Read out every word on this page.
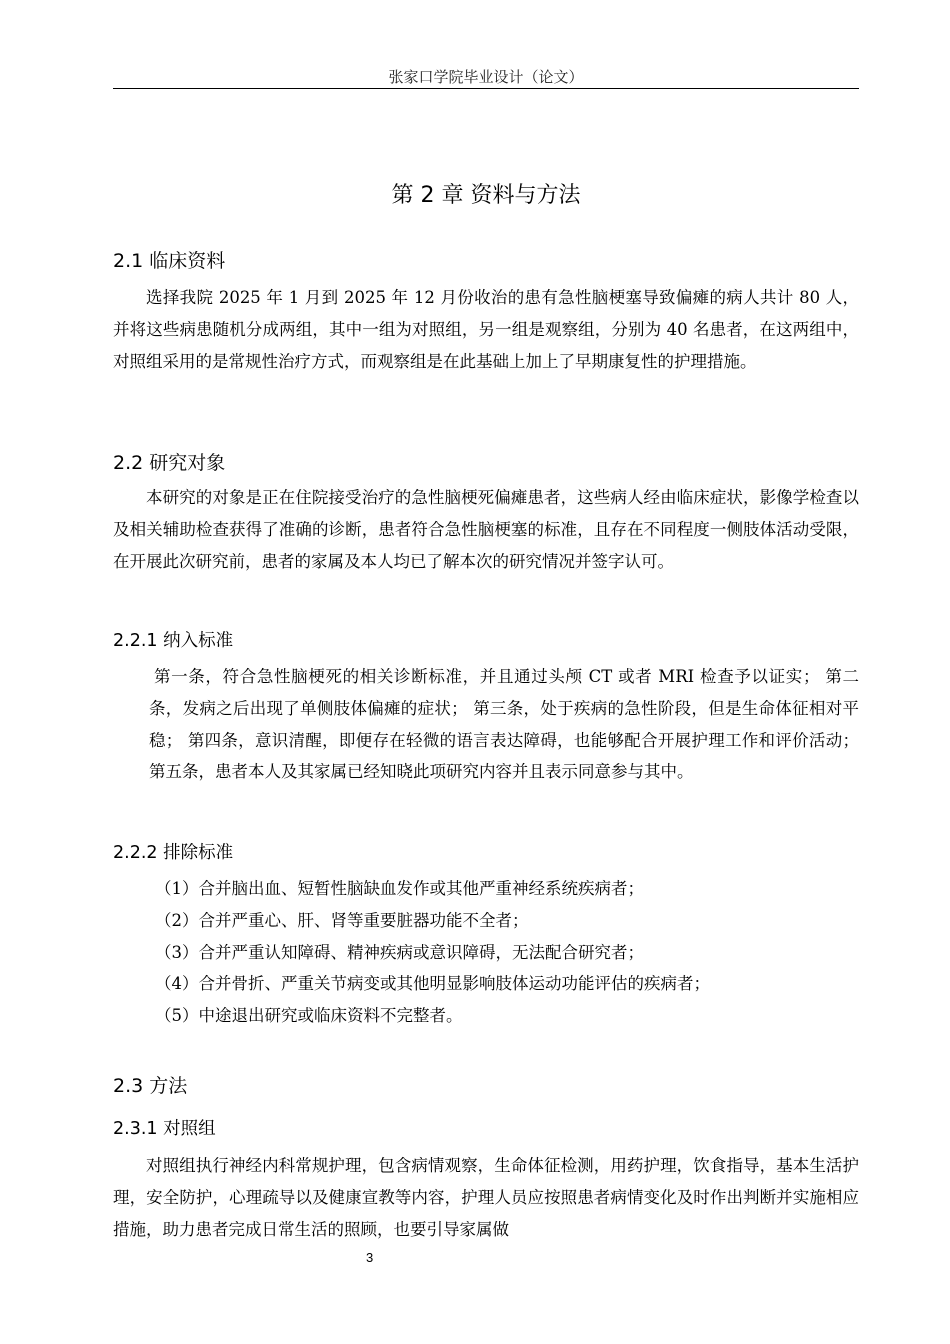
张家口学院毕业设计（论文）
第 2 章 资料与方法
2.1 临床资料
选择我院 2025 年 1 月到 2025 年 12 月份收治的患有急性脑梗塞导致偏瘫的病人共计 80 人，并将这些病患随机分成两组，其中一组为对照组，另一组是观察组，分别为 40 名患者，在这两组中，对照组采用的是常规性治疗方式，而观察组是在此基础上加上了早期康复性的护理措施。
2.2 研究对象
本研究的对象是正在住院接受治疗的急性脑梗死偏瘫患者，这些病人经由临床症状，影像学检查以及相关辅助检查获得了准确的诊断，患者符合急性脑梗塞的标准，且存在不同程度一侧肢体活动受限，在开展此次研究前，患者的家属及本人均已了解本次的研究情况并签字认可。
2.2.1 纳入标准
第一条，符合急性脑梗死的相关诊断标准，并且通过头颅 CT 或者 MRI 检查予以证实； 第二条，发病之后出现了单侧肢体偏瘫的症状； 第三条，处于疾病的急性阶段，但是生命体征相对平稳； 第四条，意识清醒，即便存在轻微的语言表达障碍，也能够配合开展护理工作和评价活动； 第五条，患者本人及其家属已经知晓此项研究内容并且表示同意参与其中。
2.2.2 排除标准
（1）合并脑出血、短暂性脑缺血发作或其他严重神经系统疾病者；
（2）合并严重心、肝、肾等重要脏器功能不全者；
（3）合并严重认知障碍、精神疾病或意识障碍，无法配合研究者；
（4）合并骨折、严重关节病变或其他明显影响肢体运动功能评估的疾病者；
（5）中途退出研究或临床资料不完整者。
2.3 方法
2.3.1 对照组
对照组执行神经内科常规护理，包含病情观察，生命体征检测，用药护理，饮食指导，基本生活护理，安全防护，心理疏导以及健康宣教等内容，护理人员应按照患者病情变化及时作出判断并实施相应措施，助力患者完成日常生活的照顾，也要引导家属做
3
